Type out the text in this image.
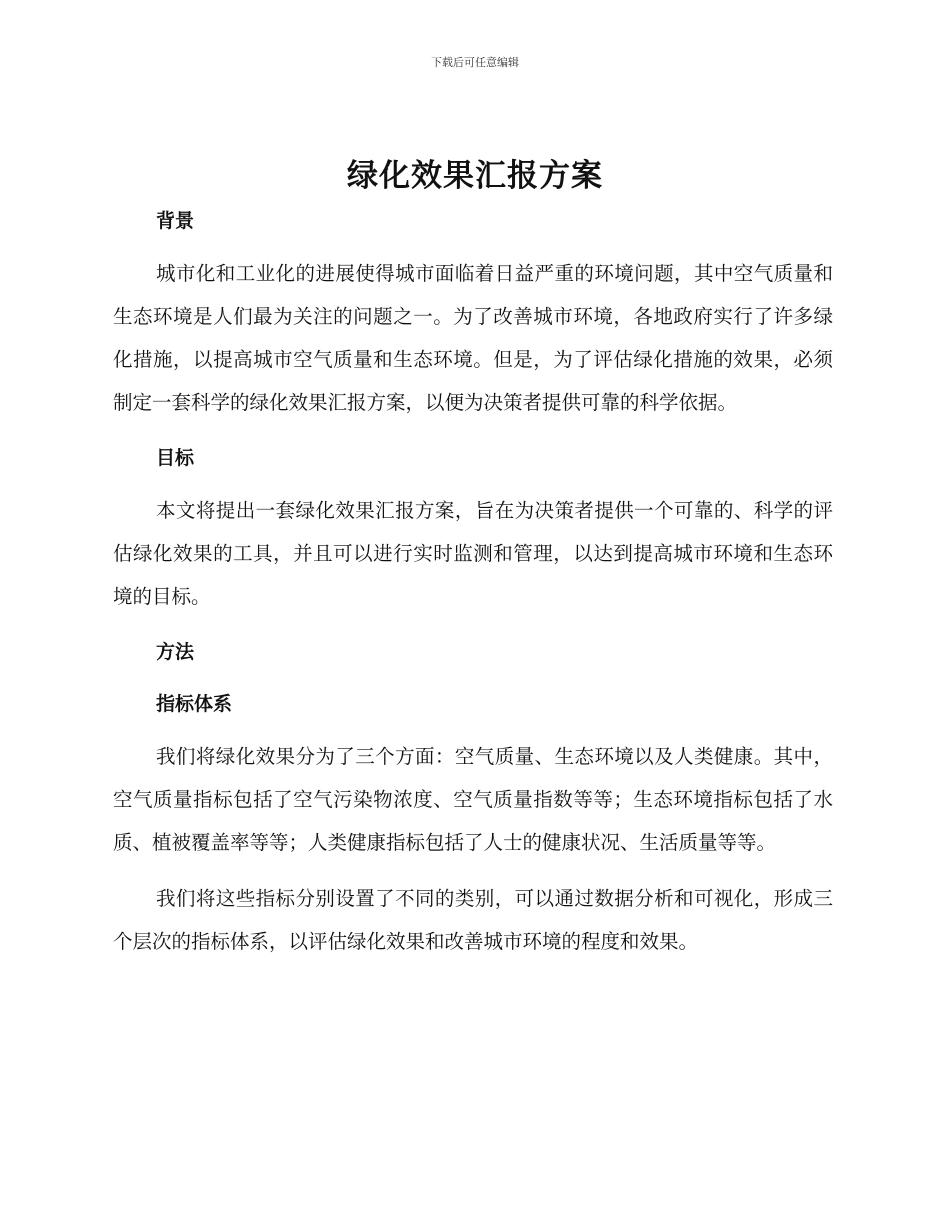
下载后可任意编辑
绿化效果汇报方案
背景

城市化和工业化的进展使得城市面临着日益严重的环境问题，其中空气质量和生态环境是人们最为关注的问题之一。为了改善城市环境，各地政府实行了许多绿化措施，以提高城市空气质量和生态环境。但是，为了评估绿化措施的效果，必须制定一套科学的绿化效果汇报方案，以便为决策者提供可靠的科学依据。

目标

本文将提出一套绿化效果汇报方案，旨在为决策者提供一个可靠的、科学的评估绿化效果的工具，并且可以进行实时监测和管理，以达到提高城市环境和生态环境的目标。

方法
指标体系

我们将绿化效果分为了三个方面：空气质量、生态环境以及人类健康。其中，空气质量指标包括了空气污染物浓度、空气质量指数等等；生态环境指标包括了水质、植被覆盖率等等；人类健康指标包括了人士的健康状况、生活质量等等。

我们将这些指标分别设置了不同的类别，可以通过数据分析和可视化，形成三个层次的指标体系，以评估绿化效果和改善城市环境的程度和效果。
